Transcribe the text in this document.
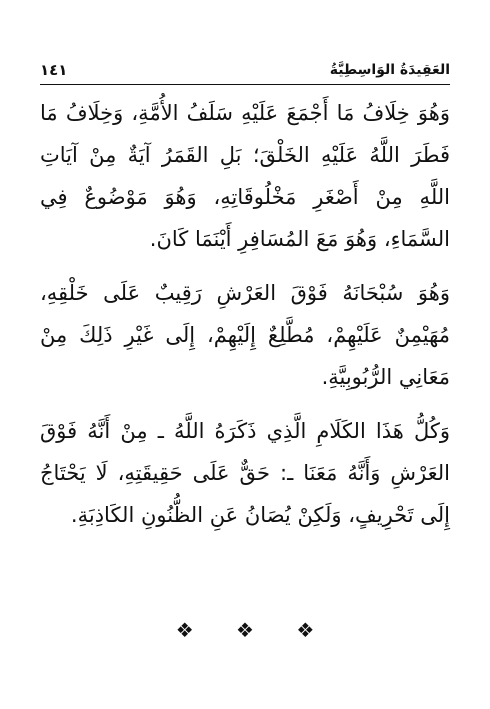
العَقِيدَةُ الوَاسِطِيَّةُ
١٤١

وَهُوَ خِلَافُ مَا أَجْمَعَ عَلَيْهِ سَلَفُ الأُمَّةِ، وَخِلَافُ مَا فَطَرَ اللَّهُ عَلَيْهِ الخَلْقَ؛ بَلِ القَمَرُ آيَةٌ مِنْ آيَاتِ اللَّهِ مِنْ أَصْغَرِ مَخْلُوقَاتِهِ، وَهُوَ مَوْضُوعٌ فِي السَّمَاءِ، وَهُوَ مَعَ المُسَافِرِ أَيْنَمَا كَانَ.

وَهُوَ سُبْحَانَهُ فَوْقَ العَرْشِ رَقِيبٌ عَلَى خَلْقِهِ، مُهَيْمِنٌ عَلَيْهِمْ، مُطَّلِعٌ إِلَيْهِمْ، إِلَى غَيْرِ ذَلِكَ مِنْ مَعَانِي الرُّبُوبِيَّةِ.

وَكُلُّ هَذَا الكَلَامِ الَّذِي ذَكَرَهُ اللَّهُ ـ مِنْ أَنَّهُ فَوْقَ العَرْشِ وَأَنَّهُ مَعَنَا ـ: حَقٌّ عَلَى حَقِيقَتِهِ، لَا يَحْتَاجُ إِلَى تَحْرِيفٍ، وَلَكِنْ يُصَانُ عَنِ الظُّنُونِ الكَاذِبَةِ.

❖ ❖ ❖
